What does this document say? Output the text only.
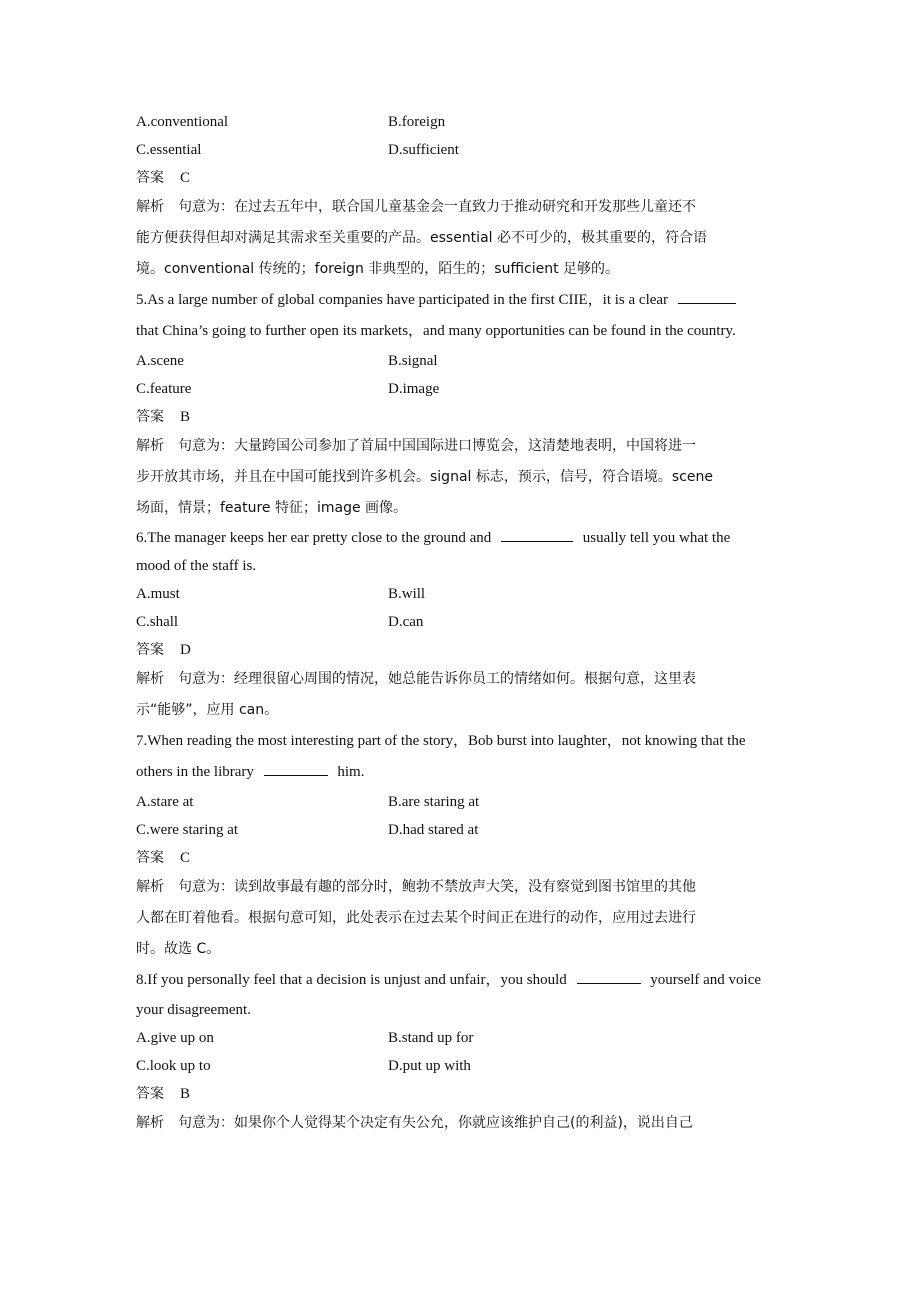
A.conventional	B.foreign
C.essential	D.sufficient
答案 C
解析 句意为：在过去五年中，联合国儿童基金会一直致力于推动研究和开发那些儿童还不
能方便获得但却对满足其需求至关重要的产品。essential 必不可少的，极其重要的，符合语
境。conventional 传统的；foreign 非典型的，陌生的；sufficient 足够的。
5.As a large number of global companies have participated in the first CIIE，it is a clear
that China’s going to further open its markets，and many opportunities can be found in the country.
A.scene	B.signal
C.feature	D.image
答案 B
解析 句意为：大量跨国公司参加了首届中国国际进口博览会，这清楚地表明，中国将进一
步开放其市场，并且在中国可能找到许多机会。signal 标志，预示，信号，符合语境。scene
场面，情景；feature 特征；image 画像。
6.The manager keeps her ear pretty close to the ground and	usually tell you what the
mood of the staff is.
A.must	B.will
C.shall	D.can
答案 D
解析 句意为：经理很留心周围的情况，她总能告诉你员工的情绪如何。根据句意，这里表
示“能够”，应用 can。
7.When reading the most interesting part of the story，Bob burst into laughter，not knowing that the
others in the library	him.
A.stare at	B.are staring at
C.were staring at	D.had stared at
答案 C
解析 句意为：读到故事最有趣的部分时，鲍勃不禁放声大笑，没有察觉到图书馆里的其他
人都在盯着他看。根据句意可知，此处表示在过去某个时间正在进行的动作，应用过去进行
时。故选 C。
8.If you personally feel that a decision is unjust and unfair，you should	yourself and voice
your disagreement.
A.give up on	B.stand up for
C.look up to	D.put up with
答案 B
解析 句意为：如果你个人觉得某个决定有失公允，你就应该维护自己(的利益)，说出自己
